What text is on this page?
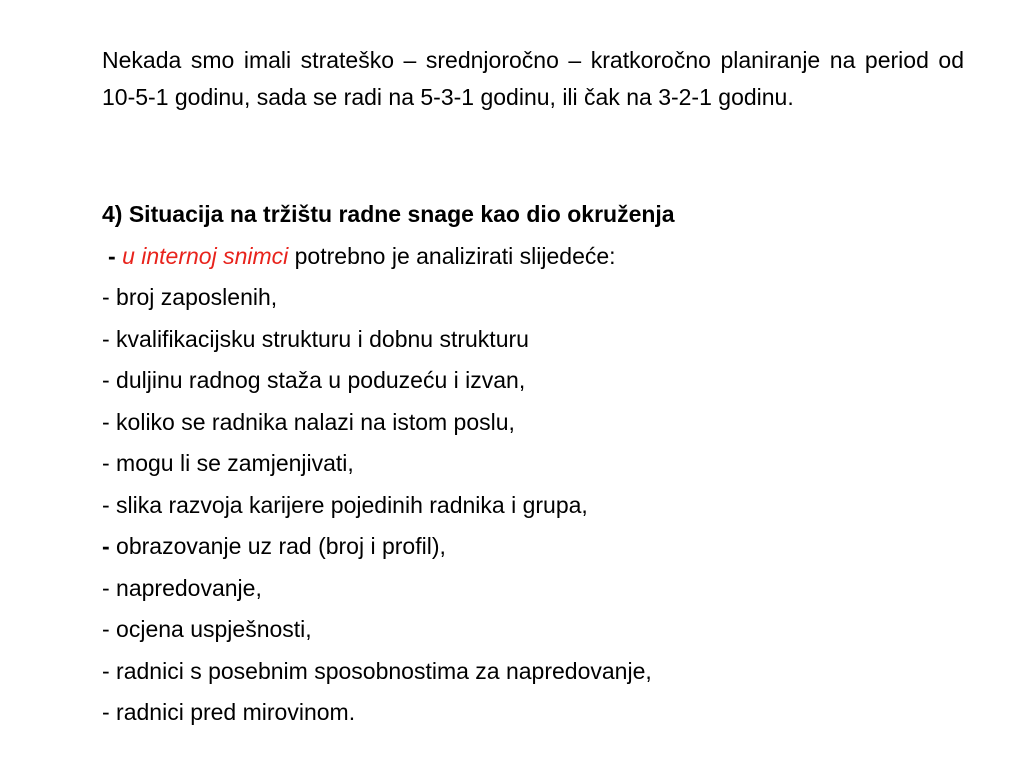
Nekada smo imali strateško – srednjoročno – kratkoročno planiranje na period od 10-5-1 godinu, sada se radi na 5-3-1 godinu, ili čak na 3-2-1 godinu.

4) Situacija na tržištu radne snage kao dio okruženja
- u internoj snimci potrebno je analizirati slijedeće:
- broj zaposlenih,
- kvalifikacijsku strukturu i dobnu strukturu
- duljinu radnog staža u poduzeću i izvan,
- koliko se radnika nalazi na istom poslu,
- mogu li se zamjenjivati,
- slika razvoja karijere pojedinih radnika i grupa,
- obrazovanje uz rad (broj i profil),
- napredovanje,
- ocjena uspješnosti,
- radnici s posebnim sposobnostima za napredovanje,
- radnici pred mirovinom.
